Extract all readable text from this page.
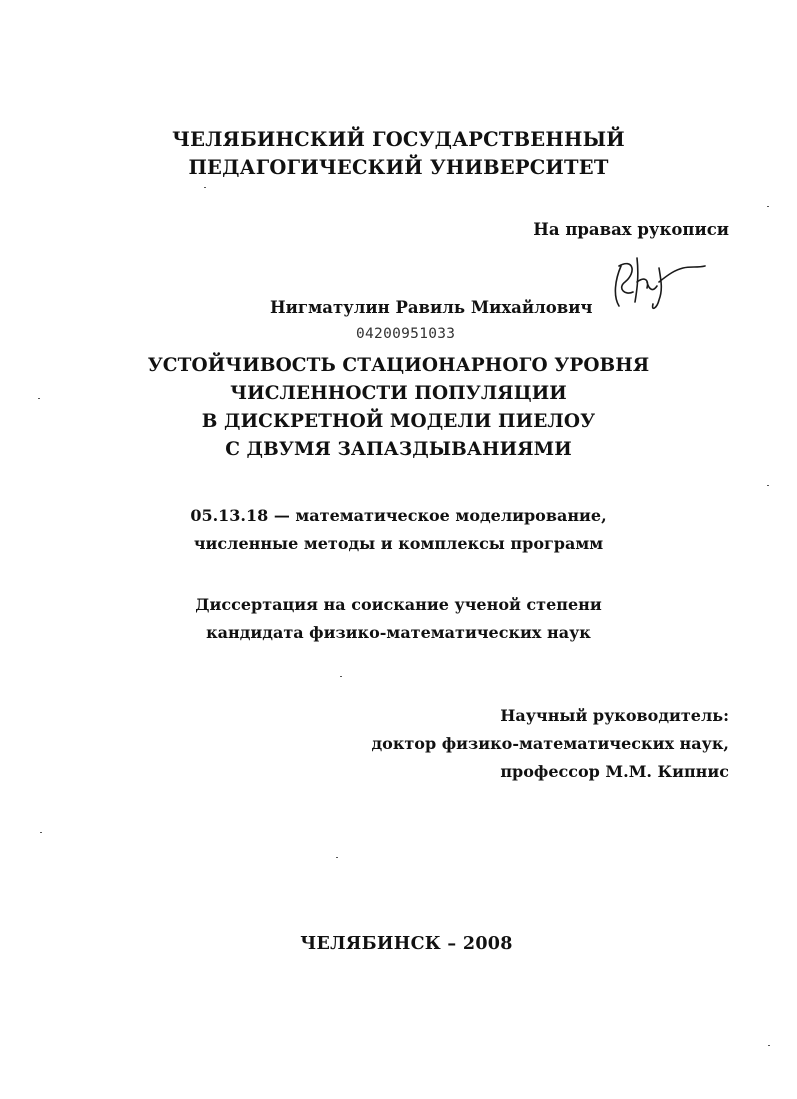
ЧЕЛЯБИНСКИЙ ГОСУДАРСТВЕННЫЙ
ПЕДАГОГИЧЕСКИЙ УНИВЕРСИТЕТ
На правах рукописи
Нигматулин Равиль Михайлович
04200951033
УСТОЙЧИВОСТЬ СТАЦИОНАРНОГО УРОВНЯ
ЧИСЛЕННОСТИ ПОПУЛЯЦИИ
В ДИСКРЕТНОЙ МОДЕЛИ ПИЕЛОУ
С ДВУМЯ ЗАПАЗДЫВАНИЯМИ
05.13.18 — математическое моделирование,
численные методы и комплексы программ
Диссертация на соискание ученой степени
кандидата физико-математических наук
Научный руководитель:
доктор физико-математических наук,
профессор М.М. Кипнис
ЧЕЛЯБИНСК – 2008
